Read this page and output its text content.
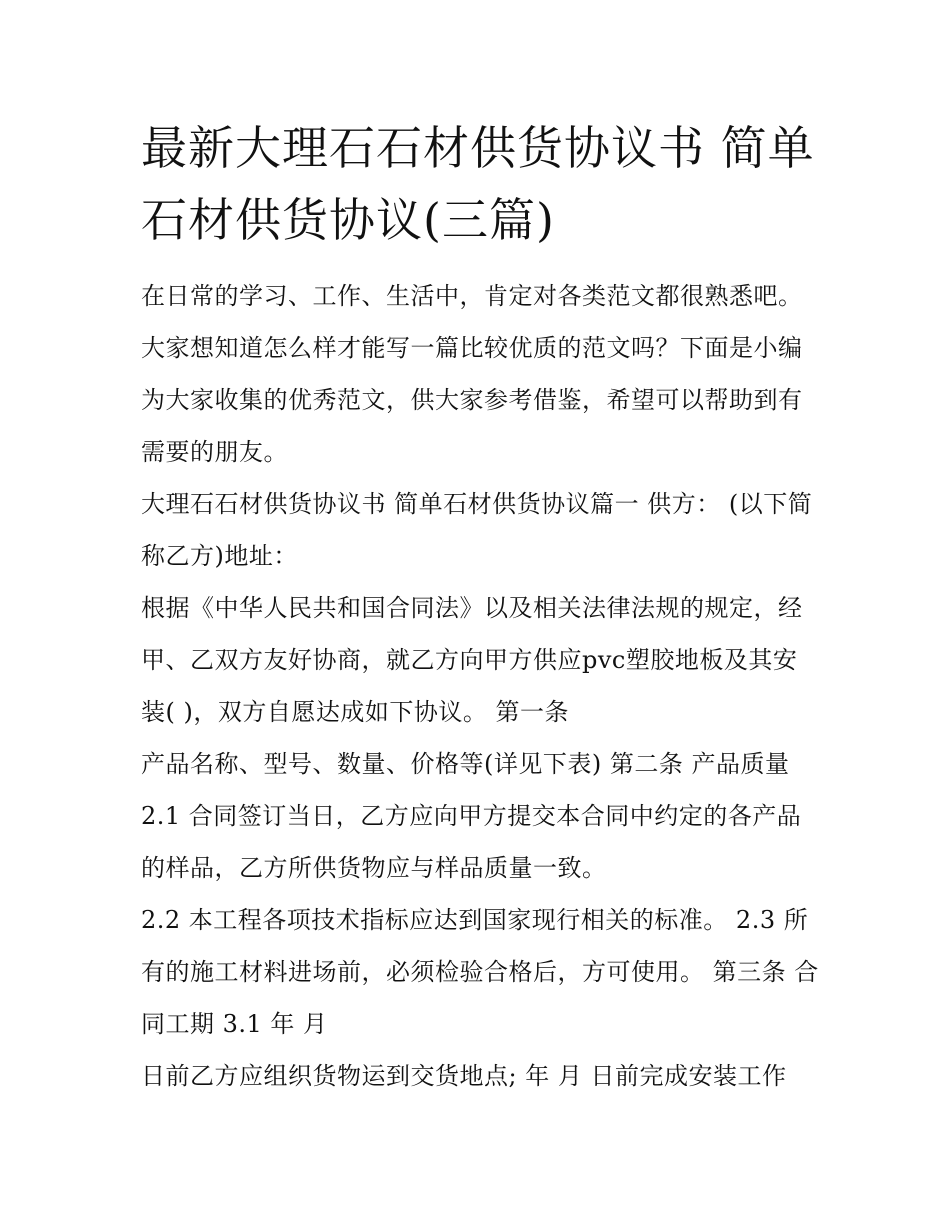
最新大理石石材供货协议书 简单石材供货协议(三篇)

在日常的学习、工作、生活中，肯定对各类范文都很熟悉吧。大家想知道怎么样才能写一篇比较优质的范文吗？下面是小编为大家收集的优秀范文，供大家参考借鉴，希望可以帮助到有需要的朋友。

大理石石材供货协议书 简单石材供货协议篇一 供方： (以下简称乙方)地址：

根据《中华人民共和国合同法》以及相关法律法规的规定，经甲、乙双方友好协商，就乙方向甲方供应pvc塑胶地板及其安装( )，双方自愿达成如下协议。 第一条

产品名称、型号、数量、价格等(详见下表) 第二条 产品质量

2.1 合同签订当日，乙方应向甲方提交本合同中约定的各产品的样品，乙方所供货物应与样品质量一致。

2.2 本工程各项技术指标应达到国家现行相关的标准。 2.3 所有的施工材料进场前，必须检验合格后，方可使用。 第三条 合同工期 3.1 年 月

日前乙方应组织货物运到交货地点; 年 月 日前完成安装工作
